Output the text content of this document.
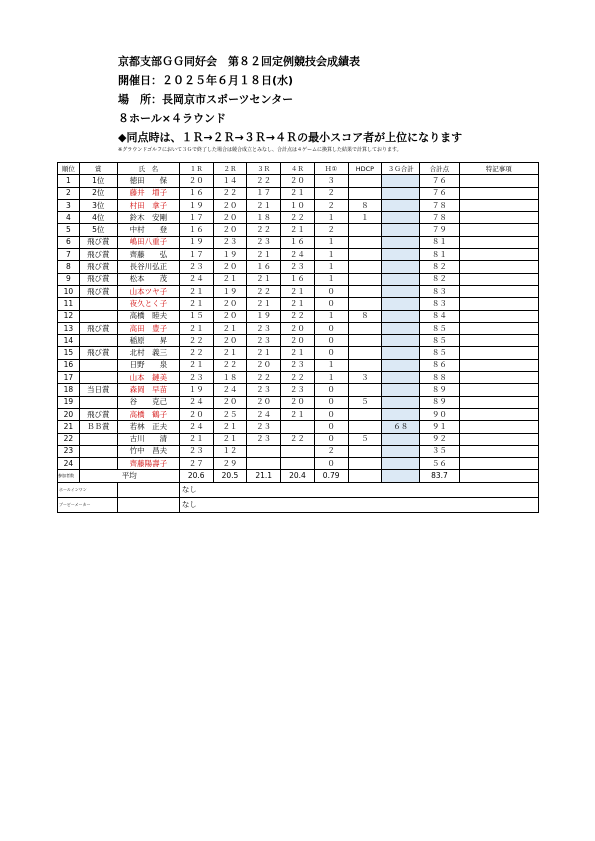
京都支部ＧＧ同好会　第８２回定例競技会成績表
開催日：２０２５年６月１８日(水)
場　所：長岡京市スポーツセンター
８ホール×４ラウンド
◆同点時は、１Ｒ→２Ｒ→３Ｒ→４Ｒの最小スコア者が上位になります
※グラウンドゴルフにおいて３Ｇで終了した場合は競合成立とみなし、合計点は４ゲームに換算した結果で計算しております。
順位	賞	氏　名	１Ｒ	２Ｒ	３Ｒ	４Ｒ	Ｈ①	HDCP	３Ｇ合計	合計点	特記事項
1	1位	徳田　　保	２０	１４	２２	２０	３			７６	
2	2位	藤井　増子	１６	２２	１７	２１	２			７６	
3	3位	村田　拿子	１９	２０	２１	１０	２	８		７８	
4	4位	鈴木　安剛	１７	２０	１８	２２	１	１		７８	
5	5位	中村　　登	１６	２０	２２	２１	２			７９	
6	飛び賞	嶋田八重子	１９	２３	２３	１６	１			８１	
7	飛び賞	齊藤　　弘	１７	１９	２１	２４	１			８１	
8	飛び賞	長谷川弘正	２３	２０	１６	２３	１			８２	
9	飛び賞	松本　　茂	２４	２１	２１	１６	１			８２	
10	飛び賞	山本ツヤ子	２１	１９	２２	２１	０			８３	
11		夜久とく子	２１	２０	２１	２１	０			８３	
12		高橋　睦夫	１５	２０	１９	２２	１	８		８４	
13	飛び賞	高田　豊子	２１	２１	２３	２０	０			８５	
14		稲原　　昇	２２	２０	２３	２０	０			８５	
15	飛び賞	北村　義三	２２	２１	２１	２１	０			８５	
16		日野　　泉	２１	２２	２０	２３	１			８６	
17		山本　鏈美	２３	１８	２２	２２	１	３		８８	
18	当日賞	森岡　早苗	１９	２４	２３	２３	０			８９	
19		谷　　克己	２４	２０	２０	２０	０	５		８９	
20	飛び賞	高橋　鶴子	２０	２５	２４	２１	０			９０	
21	ＢＢ賞	若林　正夫	２４	２１	２３		０		６８	９１	
22		古川　　清	２１	２１	２３	２２	０	５		９２	
23		竹中　昌夫	２３	１２			２			３５	
24		齊藤陽壽子	２７	２９			０			５６	
参加者数	平均		20.6	20.5	21.1	20.4	0.79			83.7	
ホールインワン			なし								
ブービーメーカー			なし								
